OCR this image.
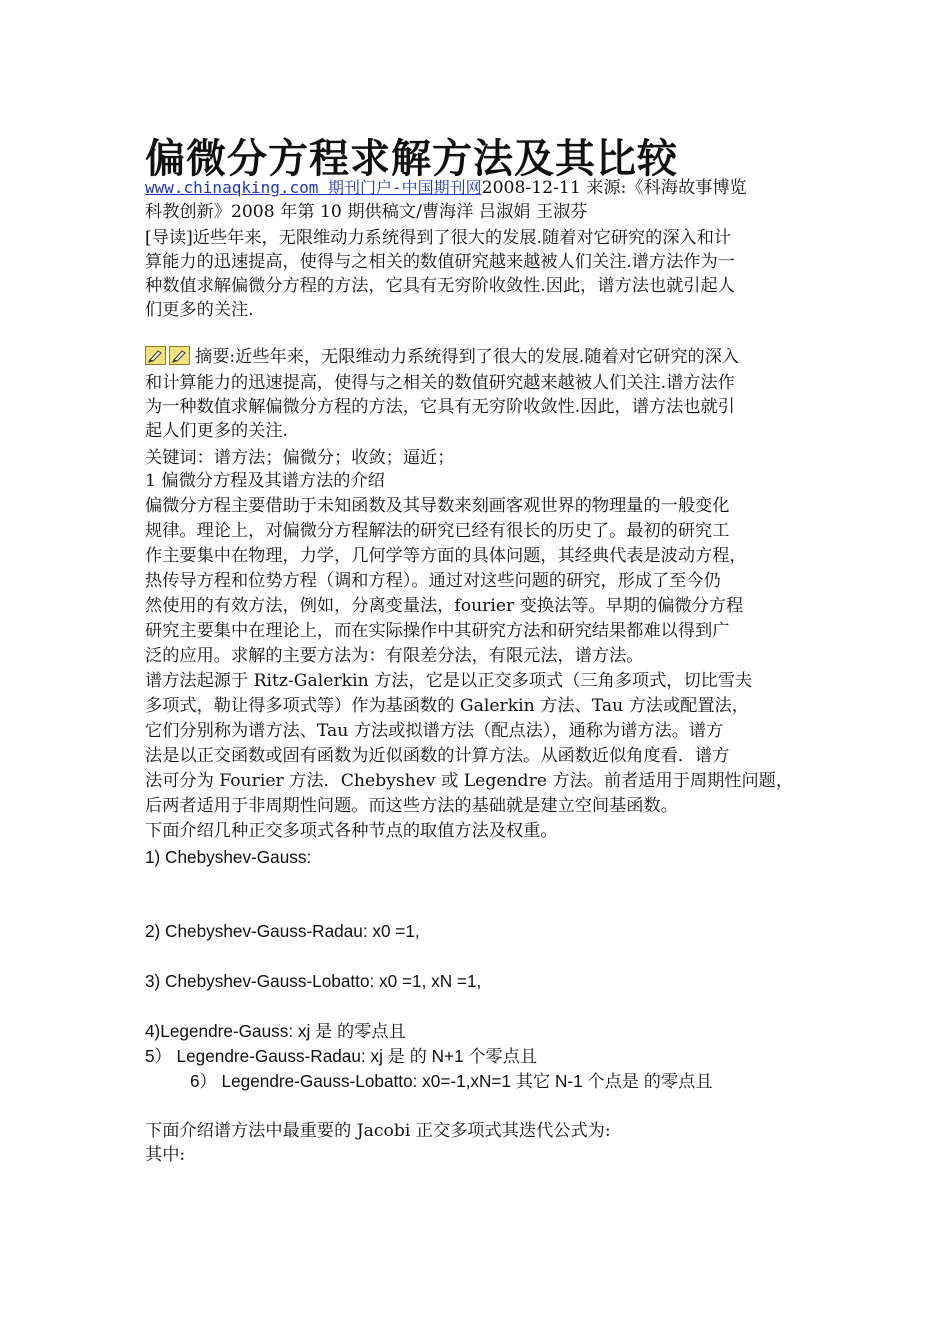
偏微分方程求解方法及其比较
www.chinaqking.com 期刊门户-中国期刊网2008-12-11 来源:《科海故事博览
科教创新》2008 年第 10 期供稿文/曹海洋 吕淑娟 王淑芬
[导读]近些年来，无限维动力系统得到了很大的发展.随着对它研究的深入和计
算能力的迅速提高，使得与之相关的数值研究越来越被人们关注.谱方法作为一
种数值求解偏微分方程的方法，它具有无穷阶收敛性.因此，谱方法也就引起人
们更多的关注.
摘要:近些年来，无限维动力系统得到了很大的发展.随着对它研究的深入
和计算能力的迅速提高，使得与之相关的数值研究越来越被人们关注.谱方法作
为一种数值求解偏微分方程的方法，它具有无穷阶收敛性.因此，谱方法也就引
起人们更多的关注.
关键词：谱方法；偏微分；收敛；逼近；
1 偏微分方程及其谱方法的介绍
偏微分方程主要借助于未知函数及其导数来刻画客观世界的物理量的一般变化
规律。理论上，对偏微分方程解法的研究已经有很长的历史了。最初的研究工
作主要集中在物理，力学，几何学等方面的具体问题，其经典代表是波动方程，
热传导方程和位势方程（调和方程）。通过对这些问题的研究，形成了至今仍
然使用的有效方法，例如，分离变量法，fourier 变换法等。早期的偏微分方程
研究主要集中在理论上，而在实际操作中其研究方法和研究结果都难以得到广
泛的应用。求解的主要方法为：有限差分法，有限元法，谱方法。
谱方法起源于 Ritz-Galerkin 方法，它是以正交多项式（三角多项式，切比雪夫
多项式，勒让得多项式等）作为基函数的 Galerkin 方法、Tau 方法或配置法，
它们分别称为谱方法、Tau 方法或拟谱方法（配点法），通称为谱方法。谱方
法是以正交函数或固有函数为近似函数的计算方法。从函数近似角度看．谱方
法可分为 Fourier 方法．Chebyshev 或 Legendre 方法。前者适用于周期性问题，
后两者适用于非周期性问题。而这些方法的基础就是建立空间基函数。
下面介绍几种正交多项式各种节点的取值方法及权重。
1) Chebyshev-Gauss:
2) Chebyshev-Gauss-Radau: x0 =1,
3) Chebyshev-Gauss-Lobatto: x0 =1, xN =1,
4)Legendre-Gauss: xj 是 的零点且
5） Legendre-Gauss-Radau: xj 是 的 N+1 个零点且
6） Legendre-Gauss-Lobatto: x0=-1,xN=1 其它 N-1 个点是 的零点且
下面介绍谱方法中最重要的 Jacobi 正交多项式其迭代公式为:
其中:
